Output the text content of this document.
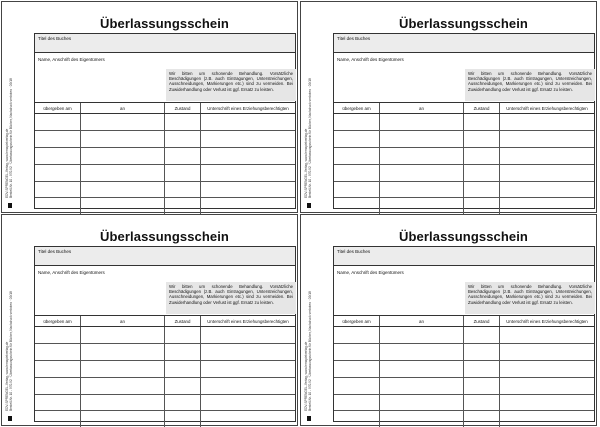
EDV-SPRENGEL-Verlag, www.lernspielverlag.de Bestell-Nr. 10 - 970.92 · Überlassungsschein für Bücher, Nachdruck verboten · 09/18
Überlassungsschein
Titel des Buches
Name, Anschrift des Eigentümers
Wir bitten um schonende Behandlung. Vorsätzliche Beschädigungen (z.B. auch Eintragungen, Unterstreichungen, Ausschneidungen, Markierungen etc.) sind zu vermeiden. Bei Zuwiderhandlung oder Verlust ist ggf. Ersatz zu leisten.
übergeben am	an	Zustand	Unterschrift eines Erziehungsberechtigten
EDV-SPRENGEL-Verlag, www.lernspielverlag.de Bestell-Nr. 10 - 970.92 · Überlassungsschein für Bücher, Nachdruck verboten · 09/18
Überlassungsschein
Titel des Buches
Name, Anschrift des Eigentümers
Wir bitten um schonende Behandlung. Vorsätzliche Beschädigungen (z.B. auch Eintragungen, Unterstreichungen, Ausschneidungen, Markierungen etc.) sind zu vermeiden. Bei Zuwiderhandlung oder Verlust ist ggf. Ersatz zu leisten.
übergeben am	an	Zustand	Unterschrift eines Erziehungsberechtigten
EDV-SPRENGEL-Verlag, www.lernspielverlag.de Bestell-Nr. 10 - 970.92 · Überlassungsschein für Bücher, Nachdruck verboten · 09/18
Überlassungsschein
Titel des Buches
Name, Anschrift des Eigentümers
Wir bitten um schonende Behandlung. Vorsätzliche Beschädigungen (z.B. auch Eintragungen, Unterstreichungen, Ausschneidungen, Markierungen etc.) sind zu vermeiden. Bei Zuwiderhandlung oder Verlust ist ggf. Ersatz zu leisten.
übergeben am	an	Zustand	Unterschrift eines Erziehungsberechtigten
EDV-SPRENGEL-Verlag, www.lernspielverlag.de Bestell-Nr. 10 - 970.92 · Überlassungsschein für Bücher, Nachdruck verboten · 09/18
Überlassungsschein
Titel des Buches
Name, Anschrift des Eigentümers
Wir bitten um schonende Behandlung. Vorsätzliche Beschädigungen (z.B. auch Eintragungen, Unterstreichungen, Ausschneidungen, Markierungen etc.) sind zu vermeiden. Bei Zuwiderhandlung oder Verlust ist ggf. Ersatz zu leisten.
übergeben am	an	Zustand	Unterschrift eines Erziehungsberechtigten
